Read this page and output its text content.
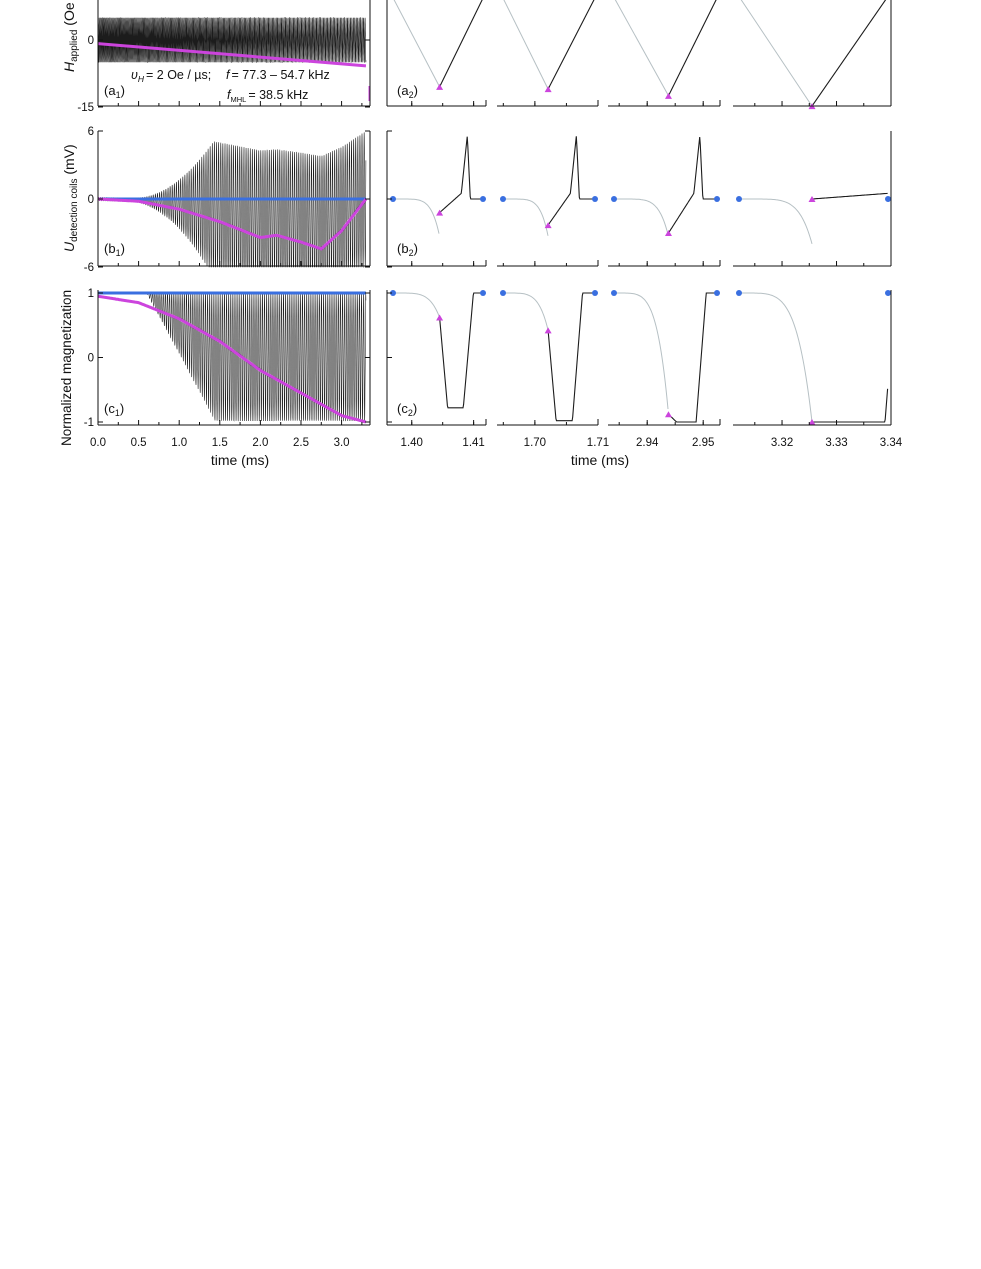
0
-15
6
0
-6
1
0
-1
0.0 0.5 1.0 1.5 2.0 2.5 3.0	1.40	1.41	1.70	1.71 2.94	2.95	3.32	3.33	3.34
$H_{applied}$ (Oe
$U_{detection coils}$ (mV)
Normalized magnetization
time (ms)	time (ms)
$(a_1)$	$(a_2)$
$(b_1)$	$(b_2)$
$(c_1)$	$(c_2)$
$\upsilon_H = 2$ Oe / µs; f = 77.3 – 54.7 kHz
$f_{MHL} = 38.5$ kHz
